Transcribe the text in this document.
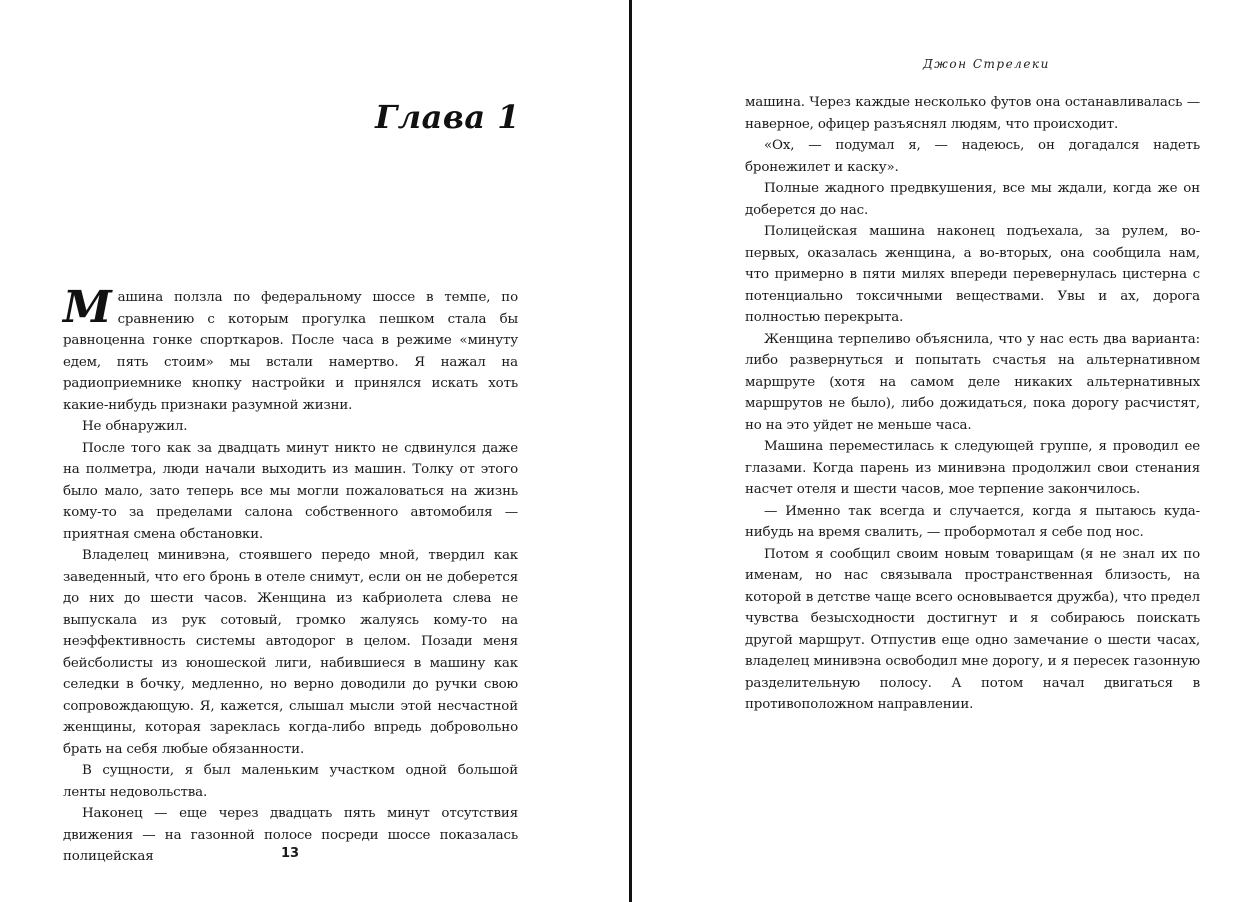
Глава 1

Машина ползла по федеральному шоссе в темпе, по сравнению с которым прогулка пешком стала бы равноценна гонке спорткаров. После часа в режиме «минуту едем, пять стоим» мы встали намертво. Я нажал на радиоприемнике кнопку настройки и принялся искать хоть какие-нибудь признаки разумной жизни.

Не обнаружил.

После того как за двадцать минут никто не сдвинулся даже на полметра, люди начали выходить из машин. Толку от этого было мало, зато теперь все мы могли пожаловаться на жизнь кому-то за пределами салона собственного автомобиля — приятная смена обстановки.

Владелец минивэна, стоявшего передо мной, твердил как заведенный, что его бронь в отеле снимут, если он не доберется до них до шести часов. Женщина из кабриолета слева не выпускала из рук сотовый, громко жалуясь кому-то на неэффективность системы автодорог в целом. Позади меня бейсболисты из юношеской лиги, набившиеся в машину как селедки в бочку, медленно, но верно доводили до ручки свою сопровождающую. Я, кажется, слышал мысли этой несчастной женщины, которая зареклась когда-либо впредь добровольно брать на себя любые обязанности.

В сущности, я был маленьким участком одной большой ленты недовольства.

Наконец — еще через двадцать пять минут отсутствия движения — на газонной полосе посреди шоссе показалась полицейская	13
Джон Стрелеки

машина. Через каждые несколько футов она останавливалась — наверное, офицер разъяснял людям, что происходит.

«Ох, — подумал я, — надеюсь, он догадался надеть бронежилет и каску».

Полные жадного предвкушения, все мы ждали, когда же он доберется до нас.

Полицейская машина наконец подъехала, за рулем, во-первых, оказалась женщина, а во-вторых, она сообщила нам, что примерно в пяти милях впереди перевернулась цистерна с потенциально токсичными веществами. Увы и ах, дорога полностью перекрыта.

Женщина терпеливо объяснила, что у нас есть два варианта: либо развернуться и попытать счастья на альтернативном маршруте (хотя на самом деле никаких альтернативных маршрутов не было), либо дожидаться, пока дорогу расчистят, но на это уйдет не меньше часа.

Машина переместилась к следующей группе, я проводил ее глазами. Когда парень из минивэна продолжил свои стенания насчет отеля и шести часов, мое терпение закончилось.

— Именно так всегда и случается, когда я пытаюсь куда-нибудь на время свалить, — пробормотал я себе под нос.

Потом я сообщил своим новым товарищам (я не знал их по именам, но нас связывала пространственная близость, на которой в детстве чаще всего основывается дружба), что предел чувства безысходности достигнут и я собираюсь поискать другой маршрут. Отпустив еще одно замечание о шести часах, владелец минивэна освободил мне дорогу, и я пересек газонную разделительную полосу. А потом начал двигаться в противоположном направлении.
